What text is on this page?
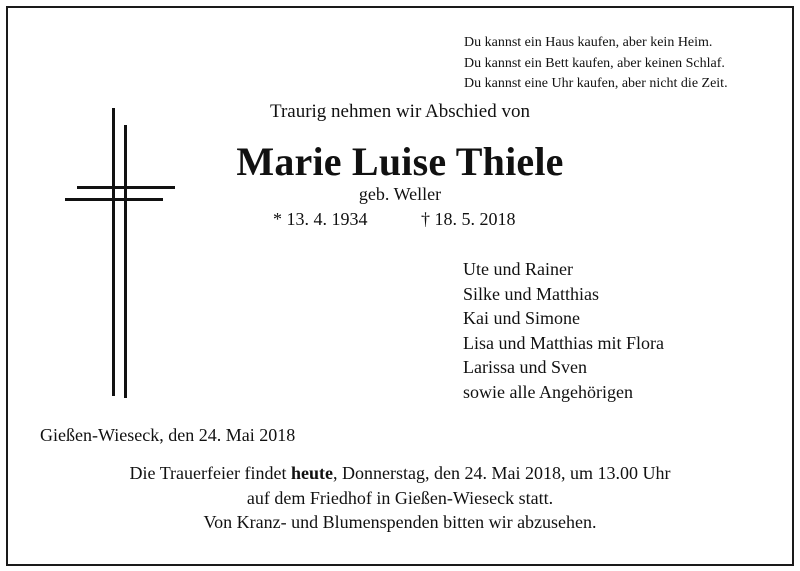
Du kannst ein Haus kaufen, aber kein Heim.
Du kannst ein Bett kaufen, aber keinen Schlaf.
Du kannst eine Uhr kaufen, aber nicht die Zeit.
Traurig nehmen wir Abschied von
Marie Luise Thiele
geb. Weller
* 13. 4. 1934	† 18. 5. 2018
Ute und Rainer
Silke und Matthias
Kai und Simone
Lisa und Matthias mit Flora
Larissa und Sven
sowie alle Angehörigen
Gießen-Wieseck, den 24. Mai 2018
Die Trauerfeier findet heute, Donnerstag, den 24. Mai 2018, um 13.00 Uhr
auf dem Friedhof in Gießen-Wieseck statt.
Von Kranz- und Blumenspenden bitten wir abzusehen.
